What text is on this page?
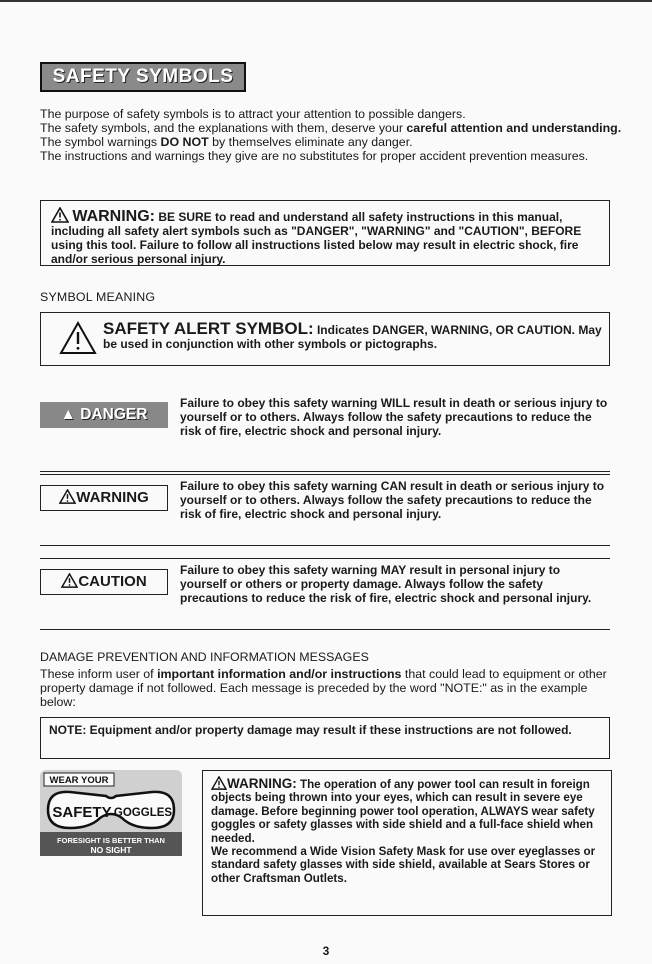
SAFETY SYMBOLS

The purpose of safety symbols is to attract your attention to possible dangers.

The safety symbols, and the explanations with them, deserve your careful attention and understanding. The symbol warnings DO NOT by themselves eliminate any danger.

The instructions and warnings they give are no substitutes for proper accident prevention measures.

WARNING: BE SURE to read and understand all safety instructions in this manual, including all safety alert symbols such as "DANGER", "WARNING" and "CAUTION", BEFORE using this tool. Failure to follow all instructions listed below may result in electric shock, fire and/or serious personal injury.
SYMBOL MEANING
SAFETY ALERT SYMBOL: Indicates DANGER, WARNING, OR CAUTION. May be used in conjunction with other symbols or pictographs.
▲ DANGER
Failure to obey this safety warning WILL result in death or serious injury to yourself or to others. Always follow the safety precautions to reduce the risk of fire, electric shock and personal injury.
WARNING
Failure to obey this safety warning CAN result in death or serious injury to yourself or to others. Always follow the safety precautions to reduce the risk of fire, electric shock and personal injury.
CAUTION
Failure to obey this safety warning MAY result in personal injury to yourself or others or property damage. Always follow the safety precautions to reduce the risk of fire, electric shock and personal injury.
DAMAGE PREVENTION AND INFORMATION MESSAGES
These inform user of important information and/or instructions that could lead to equipment or other property damage if not followed. Each message is preceded by the word "NOTE:" as in the example below:
NOTE: Equipment and/or property damage may result if these instructions are not followed.
WEAR YOUR
SAFETY GOGGLES
FORESIGHT IS BETTER THAN
NO SIGHT
WARNING: The operation of any power tool can result in foreign objects being thrown into your eyes, which can result in severe eye damage. Before beginning power tool operation, ALWAYS wear safety goggles or safety glasses with side shield and a full-face shield when needed.
We recommend a Wide Vision Safety Mask for use over eyeglasses or standard safety glasses with side shield, available at Sears Stores or other Craftsman Outlets.
3
